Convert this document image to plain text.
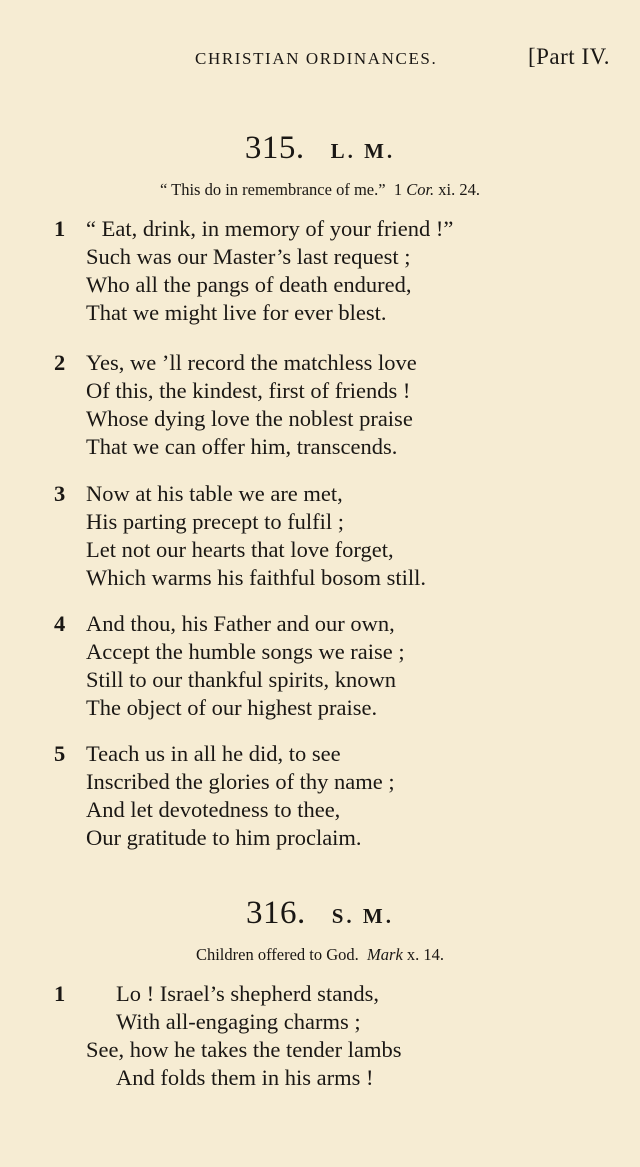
CHRISTIAN ORDINANCES.	[Part IV.
315. L. M.
“ This do in remembrance of me.” 1 Cor. xi. 24.
1 “ Eat, drink, in memory of your friend !”
Such was our Master’s last request ;
Who all the pangs of death endured,
That we might live for ever blest.
2 Yes, we ’ll record the matchless love
Of this, the kindest, first of friends !
Whose dying love the noblest praise
That we can offer him, transcends.
3 Now at his table we are met,
His parting precept to fulfil ;
Let not our hearts that love forget,
Which warms his faithful bosom still.
4 And thou, his Father and our own,
Accept the humble songs we raise ;
Still to our thankful spirits, known
The object of our highest praise.
5 Teach us in all he did, to see
Inscribed the glories of thy name ;
And let devotedness to thee,
Our gratitude to him proclaim.
316. S. M.
Children offered to God. Mark x. 14.
1 Lo ! Israel’s shepherd stands,
With all-engaging charms ;
See, how he takes the tender lambs
And folds them in his arms !
